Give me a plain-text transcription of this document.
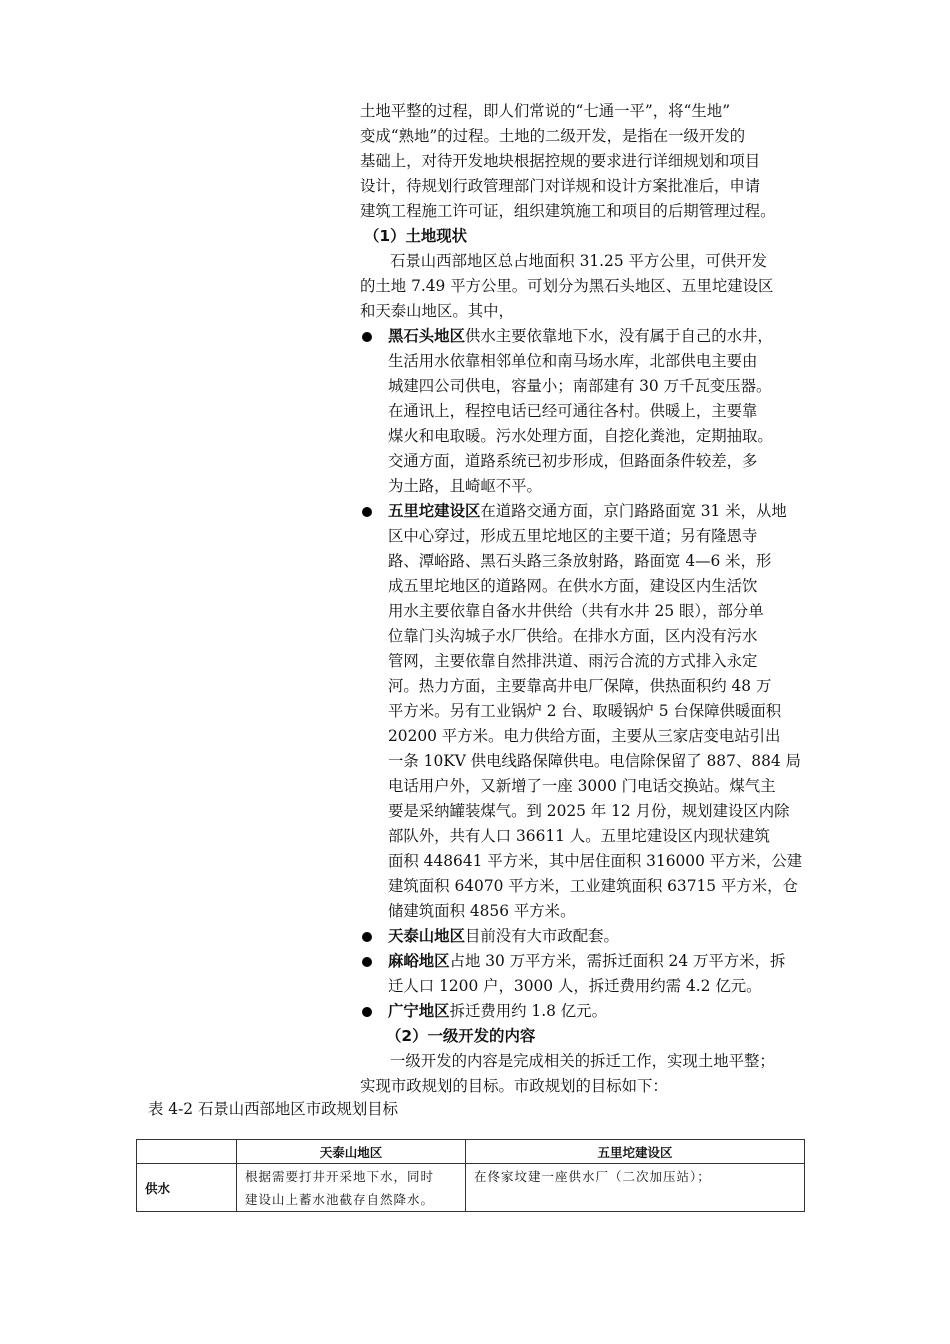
土地平整的过程，即人们常说的“七通一平”，将“生地”
变成“熟地”的过程。土地的二级开发，是指在一级开发的
基础上，对待开发地块根据控规的要求进行详细规划和项目
设计，待规划行政管理部门对详规和设计方案批准后，申请
建筑工程施工许可证，组织建筑施工和项目的后期管理过程。
（1）土地现状
石景山西部地区总占地面积 31.25 平方公里，可供开发
的土地 7.49 平方公里。可划分为黑石头地区、五里坨建设区
和天泰山地区。其中，
黑石头地区供水主要依靠地下水，没有属于自己的水井，
生活用水依靠相邻单位和南马场水库，北部供电主要由
城建四公司供电，容量小；南部建有 30 万千瓦变压器。
在通讯上，程控电话已经可通往各村。供暖上，主要靠
煤火和电取暖。污水处理方面，自挖化粪池，定期抽取。
交通方面，道路系统已初步形成，但路面条件较差，多
为土路，且崎岖不平。
五里坨建设区在道路交通方面，京门路路面宽 31 米，从地
区中心穿过，形成五里坨地区的主要干道；另有隆恩寺
路、潭峪路、黑石头路三条放射路，路面宽 4—6 米，形
成五里坨地区的道路网。在供水方面，建设区内生活饮
用水主要依靠自备水井供给（共有水井 25 眼），部分单
位靠门头沟城子水厂供给。在排水方面，区内没有污水
管网，主要依靠自然排洪道、雨污合流的方式排入永定
河。热力方面，主要靠高井电厂保障，供热面积约 48 万
平方米。另有工业锅炉 2 台、取暖锅炉 5 台保障供暖面积
20200 平方米。电力供给方面，主要从三家店变电站引出
一条 10KV 供电线路保障供电。电信除保留了 887、884 局
电话用户外，又新增了一座 3000 门电话交换站。煤气主
要是采纳罐装煤气。到 2025 年 12 月份，规划建设区内除
部队外，共有人口 36611 人。五里坨建设区内现状建筑
面积 448641 平方米，其中居住面积 316000 平方米，公建
建筑面积 64070 平方米，工业建筑面积 63715 平方米，仓
储建筑面积 4856 平方米。
天泰山地区目前没有大市政配套。
麻峪地区占地 30 万平方米，需拆迁面积 24 万平方米，拆
迁人口 1200 户，3000 人，拆迁费用约需 4.2 亿元。
广宁地区拆迁费用约 1.8 亿元。
（2）一级开发的内容
一级开发的内容是完成相关的拆迁工作，实现土地平整；
实现市政规划的目标。市政规划的目标如下：
表 4-2 石景山西部地区市政规划目标
	天泰山地区	五里坨建设区
供水	根据需要打井开采地下水，同时
建设山上蓄水池截存自然降水。	在佟家坟建一座供水厂（二次加压站）；
